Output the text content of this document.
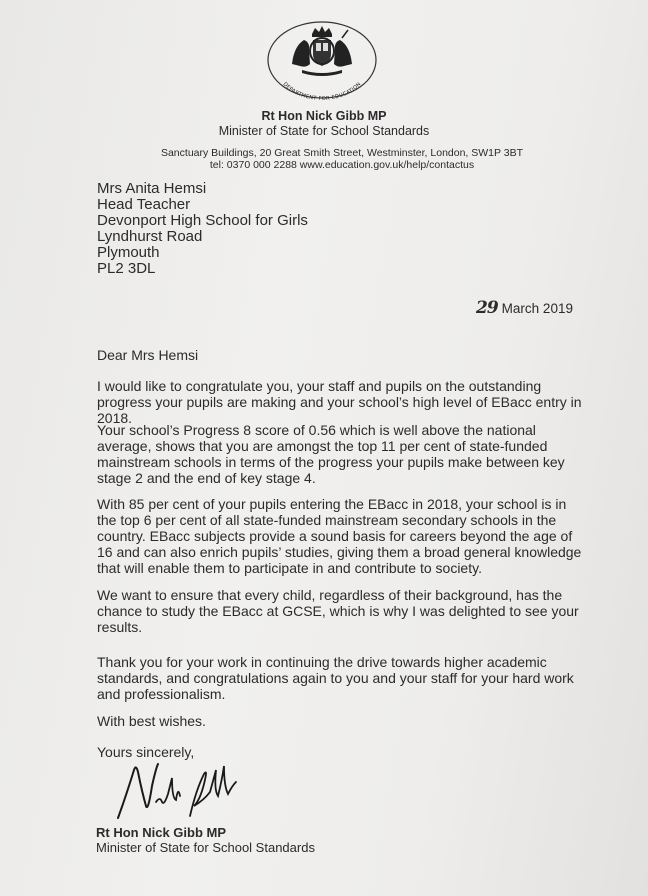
DEPARTMENT FOR EDUCATION
Rt Hon Nick Gibb MP
Minister of State for School Standards
Sanctuary Buildings, 20 Great Smith Street, Westminster, London, SW1P 3BT
tel: 0370 000 2288 www.education.gov.uk/help/contactus
Mrs Anita Hemsi
Head Teacher
Devonport High School for Girls
Lyndhurst Road
Plymouth
PL2 3DL
29 March 2019
Dear Mrs Hemsi
I would like to congratulate you, your staff and pupils on the outstanding progress your pupils are making and your school’s high level of EBacc entry in 2018.
Your school’s Progress 8 score of 0.56 which is well above the national average, shows that you are amongst the top 11 per cent of state-funded mainstream schools in terms of the progress your pupils make between key stage 2 and the end of key stage 4.
With 85 per cent of your pupils entering the EBacc in 2018, your school is in the top 6 per cent of all state-funded mainstream secondary schools in the country. EBacc subjects provide a sound basis for careers beyond the age of 16 and can also enrich pupils’ studies, giving them a broad general knowledge that will enable them to participate in and contribute to society.
We want to ensure that every child, regardless of their background, has the chance to study the EBacc at GCSE, which is why I was delighted to see your results.
Thank you for your work in continuing the drive towards higher academic standards, and congratulations again to you and your staff for your hard work and professionalism.
With best wishes.
Yours sincerely,
Rt Hon Nick Gibb MP
Minister of State for School Standards
